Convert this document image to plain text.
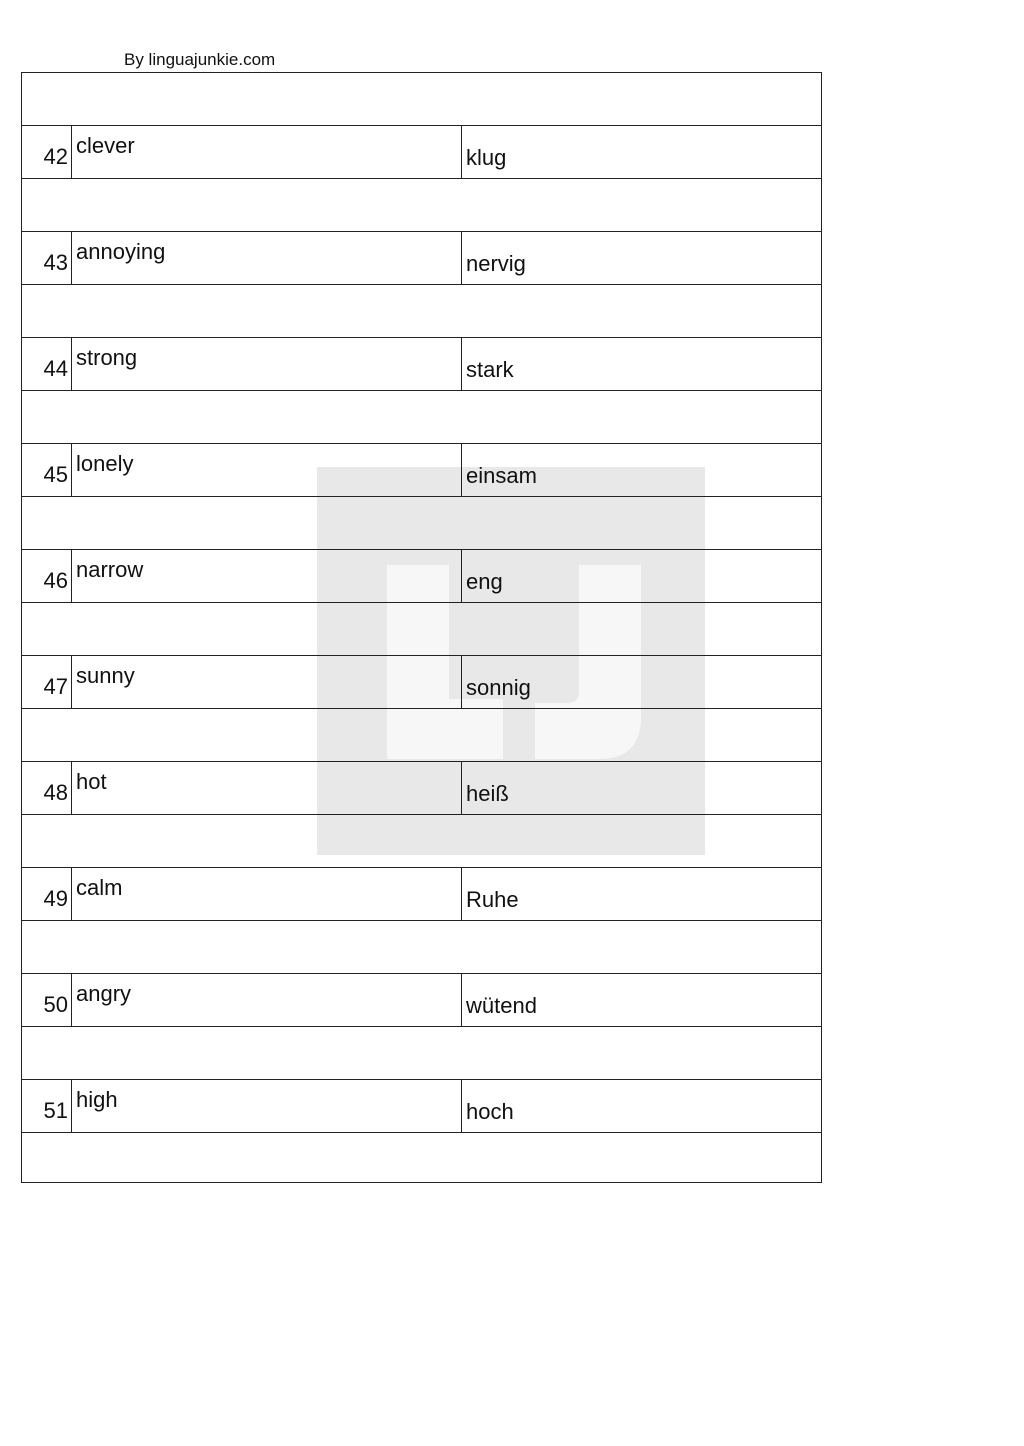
By linguajunkie.com
42 clever	klug
43 annoying	nervig
44 strong	stark
45 lonely	einsam
46 narrow	eng
47 sunny	sonnig
48 hot	heiß
49 calm	Ruhe
50 angry	wütend
51 high	hoch
